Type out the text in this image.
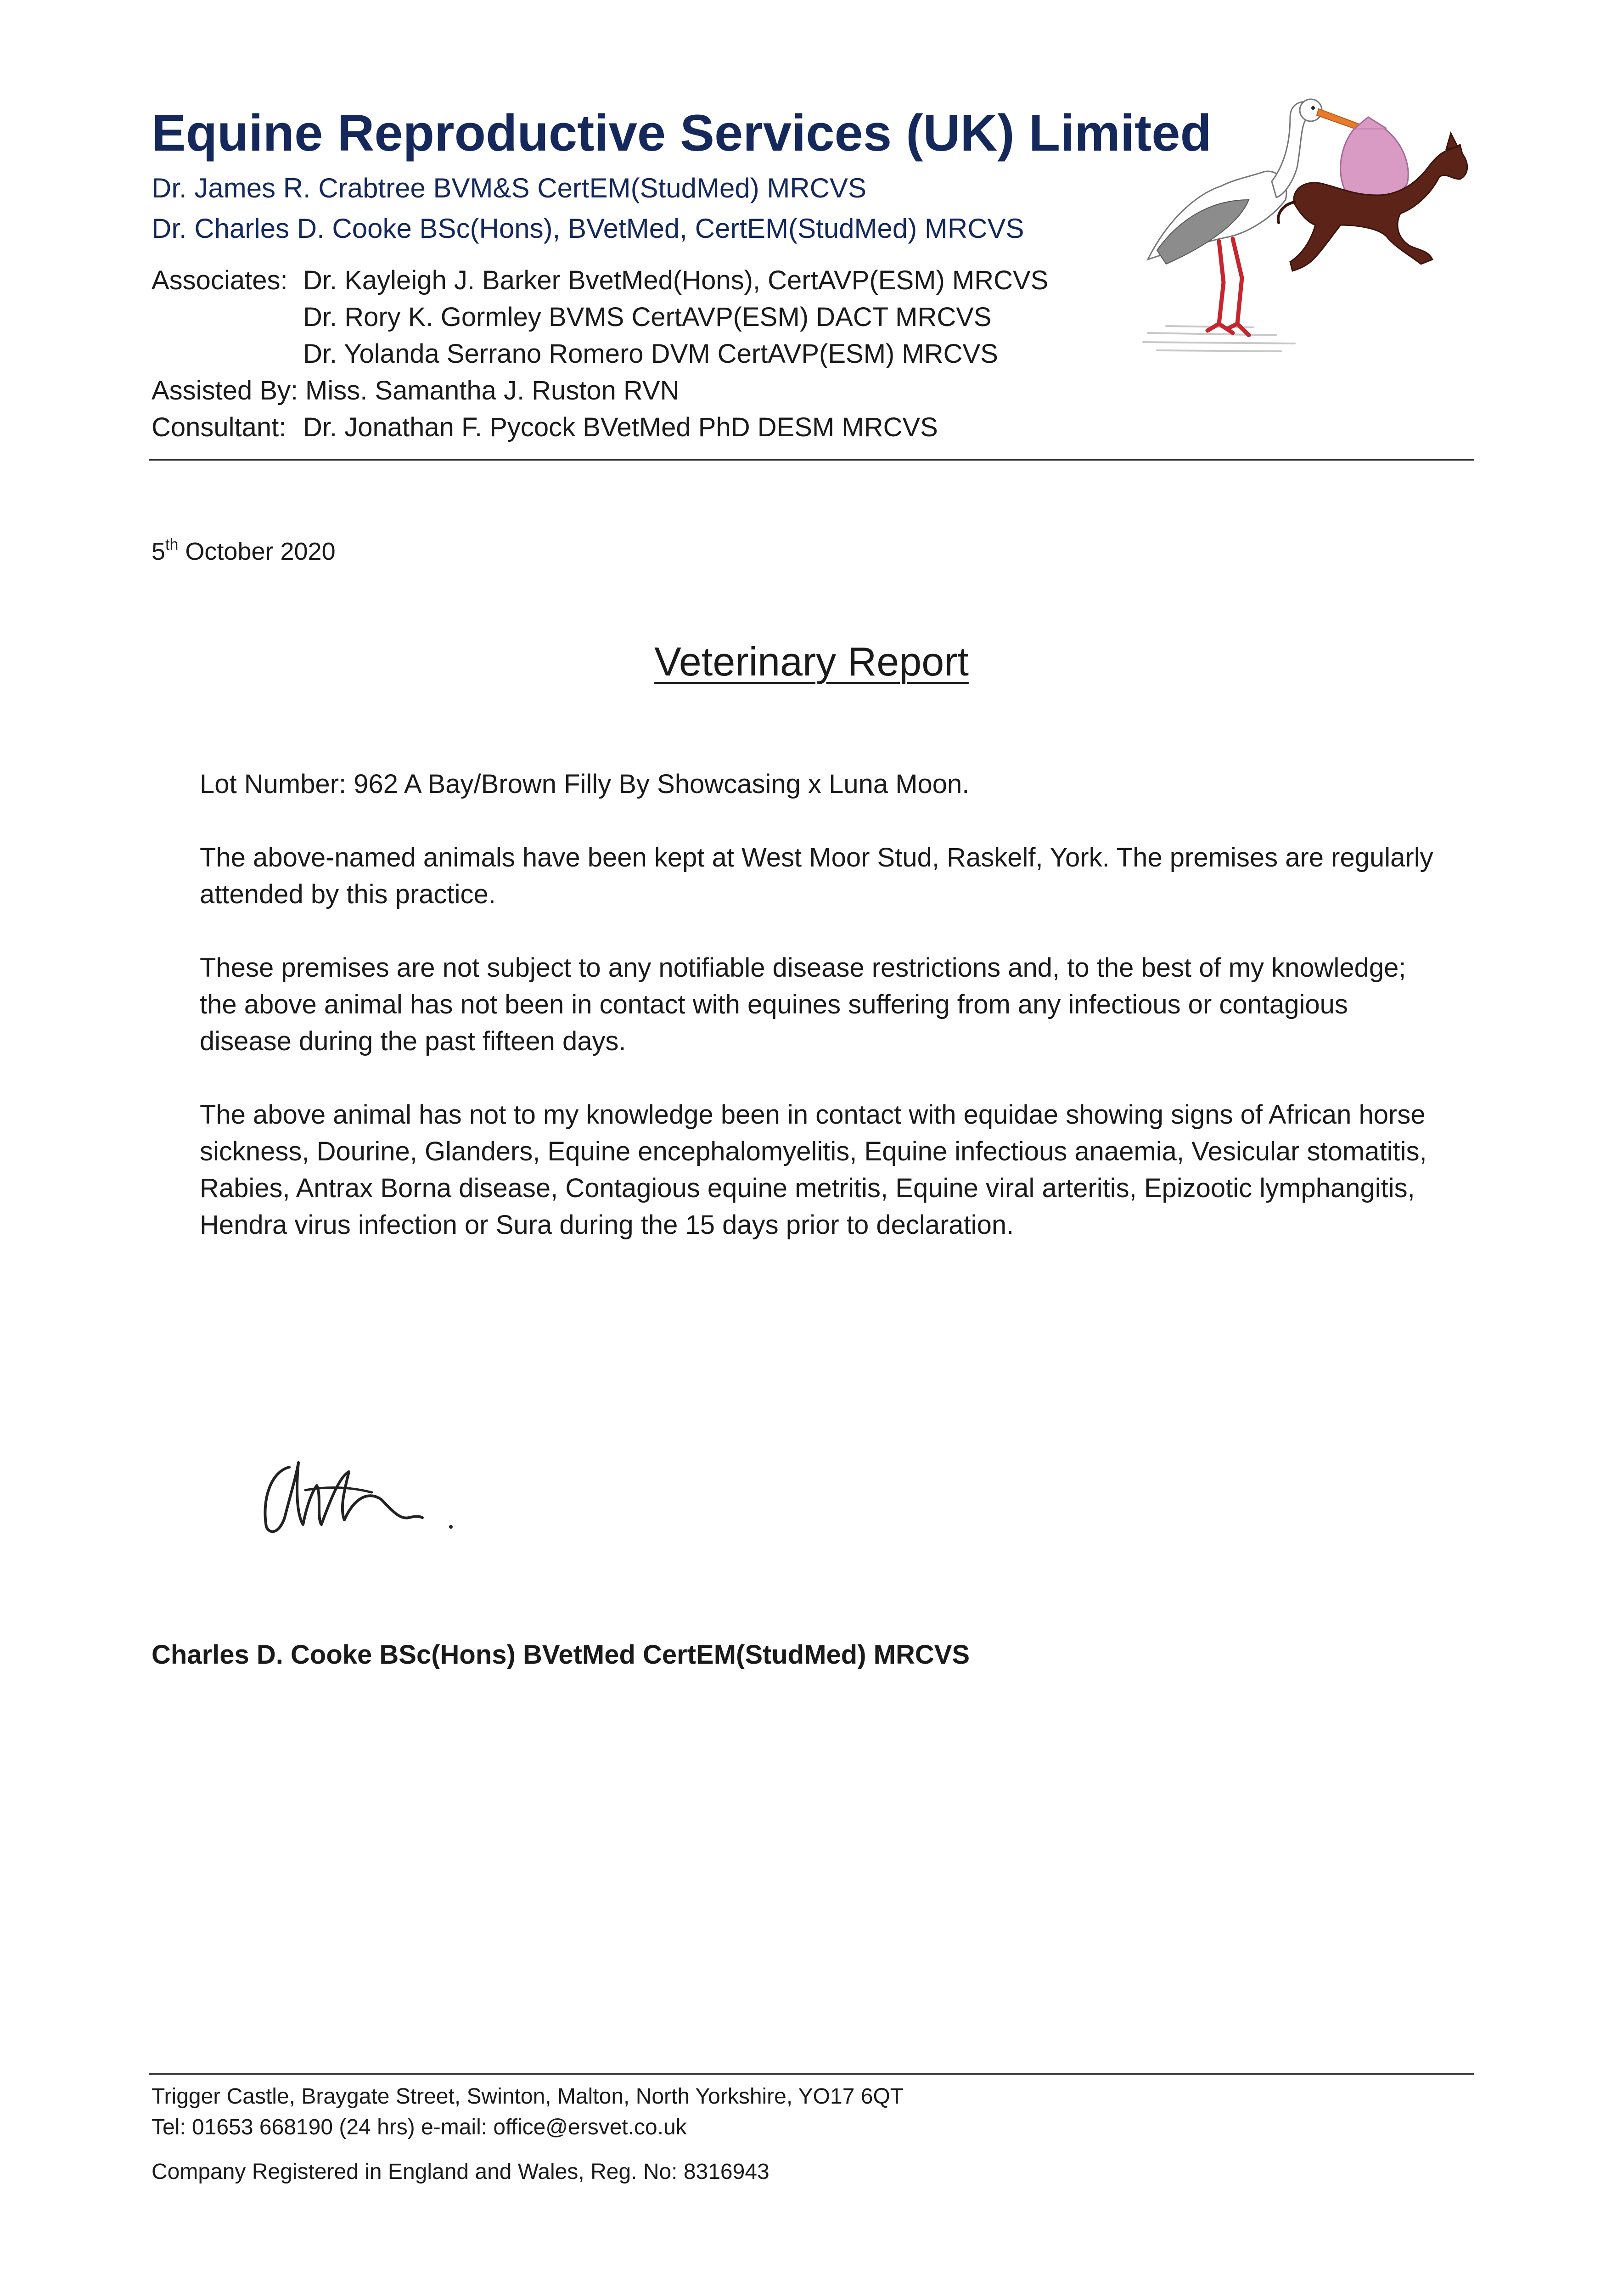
Equine Reproductive Services (UK) Limited
Dr. James R. Crabtree BVM&S CertEM(StudMed) MRCVS
Dr. Charles D. Cooke BSc(Hons), BVetMed, CertEM(StudMed) MRCVS
Associates: Dr. Kayleigh J. Barker BvetMed(Hons), CertAVP(ESM) MRCVS
Dr. Rory K. Gormley BVMS CertAVP(ESM) DACT MRCVS
Dr. Yolanda Serrano Romero DVM CertAVP(ESM) MRCVS
Assisted By: Miss. Samantha J. Ruston RVN
Consultant: Dr. Jonathan F. Pycock BVetMed PhD DESM MRCVS
5th October 2020
Veterinary Report
Lot Number: 962 A Bay/Brown Filly By Showcasing x Luna Moon.
The above-named animals have been kept at West Moor Stud, Raskelf, York. The premises are regularly attended by this practice.
These premises are not subject to any notifiable disease restrictions and, to the best of my knowledge; the above animal has not been in contact with equines suffering from any infectious or contagious disease during the past fifteen days.
The above animal has not to my knowledge been in contact with equidae showing signs of African horse sickness, Dourine, Glanders, Equine encephalomyelitis, Equine infectious anaemia, Vesicular stomatitis, Rabies, Antrax Borna disease, Contagious equine metritis, Equine viral arteritis, Epizootic lymphangitis, Hendra virus infection or Sura during the 15 days prior to declaration.
Charles D. Cooke BSc(Hons) BVetMed CertEM(StudMed) MRCVS
Trigger Castle, Braygate Street, Swinton, Malton, North Yorkshire, YO17 6QT
Tel: 01653 668190 (24 hrs) e-mail: office@ersvet.co.uk
Company Registered in England and Wales, Reg. No: 8316943
